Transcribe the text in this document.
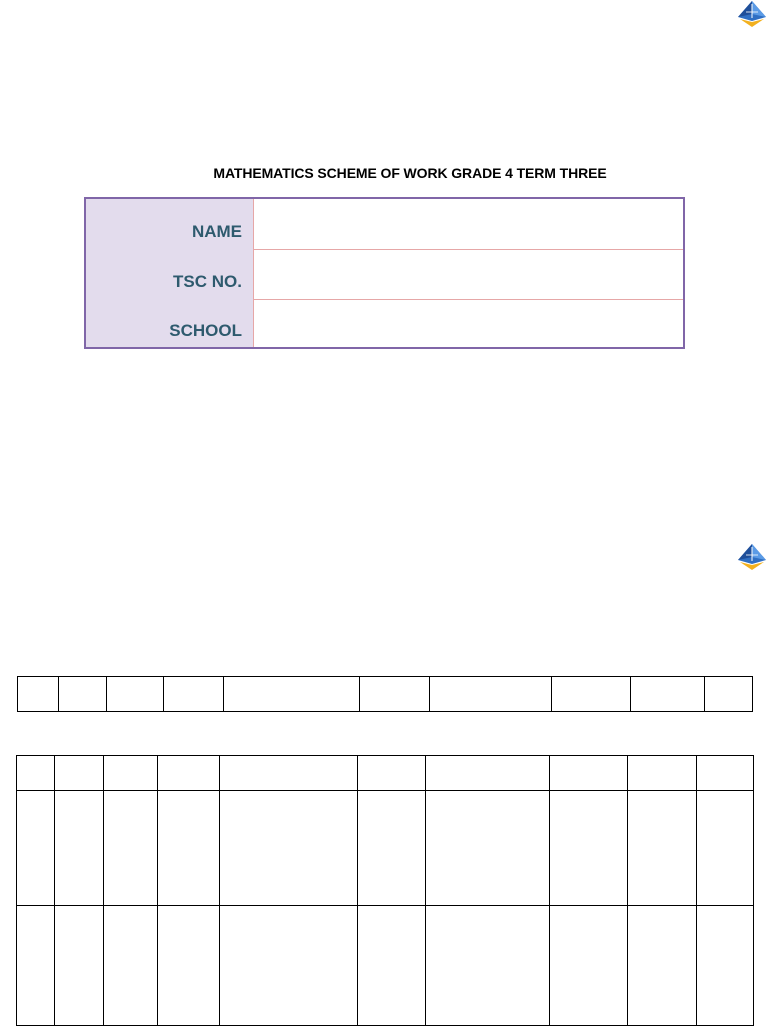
MATHEMATICS SCHEME OF WORK GRADE 4 TERM THREE
NAME
TSC NO.
SCHOOL
